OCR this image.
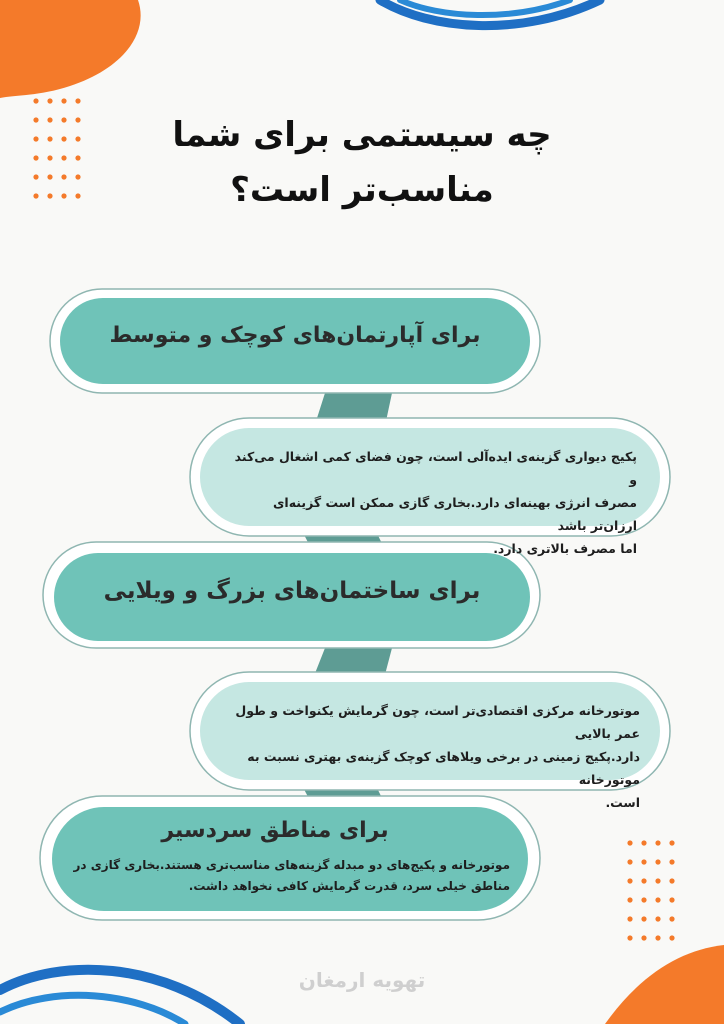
چه سیستمی برای شما
مناسب‌تر است؟
برای آپارتمان‌های کوچک و متوسط
پکیج دیواری گزینه‌ی ایده‌آلی است، چون فضای کمی اشغال می‌کند و
مصرف انرژی بهینه‌ای دارد.بخاری گازی ممکن است گزینه‌ای ارزان‌تر باشد
اما مصرف بالاتری دارد.
برای ساختمان‌های بزرگ و ویلایی
موتورخانه مرکزی اقتصادی‌تر است، چون گرمایش یکنواخت و طول عمر بالایی
دارد.پکیج زمینی در برخی ویلاهای کوچک گزینه‌ی بهتری نسبت به موتورخانه
است.
برای مناطق سردسیر
موتورخانه و پکیج‌های دو مبدله گزینه‌های مناسب‌تری هستند.بخاری گازی در
مناطق خیلی سرد، قدرت گرمایش کافی نخواهد داشت.
تهویه ارمغان
